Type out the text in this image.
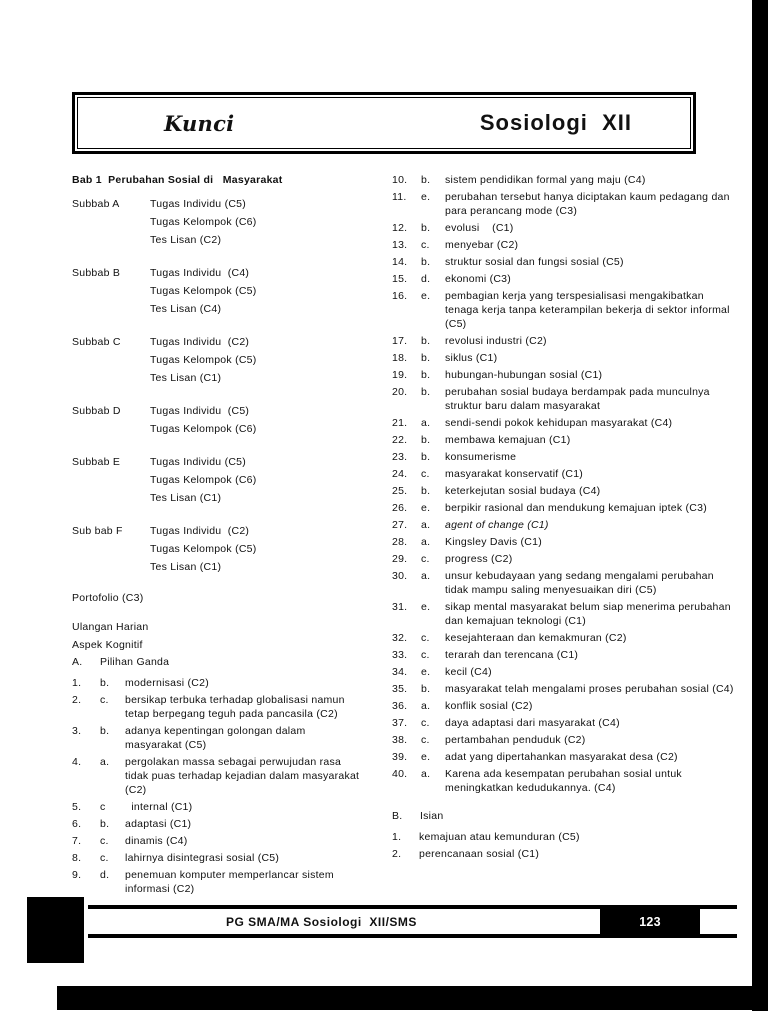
Kunci	Sosiologi  XII
Bab 1  Perubahan Sosial di   Masyarakat
Subbab A	Tugas Individu (C5)
Tugas Kelompok (C6)
Tes Lisan (C2)
Subbab B	Tugas Individu  (C4)
Tugas Kelompok (C5)
Tes Lisan (C4)
Subbab C	Tugas Individu  (C2)
Tugas Kelompok (C5)
Tes Lisan (C1)
Subbab D	Tugas Individu  (C5)
Tugas Kelompok (C6)
Subbab E	Tugas Individu (C5)
Tugas Kelompok (C6)
Tes Lisan (C1)
Sub bab F	Tugas Individu  (C2)
Tugas Kelompok (C5)
Tes Lisan (C1)
Portofolio (C3)
Ulangan Harian
Aspek Kognitif
A.	Pilihan Ganda
1.	b.	modernisasi (C2)
2.	c.	bersikap terbuka terhadap globalisasi namun tetap berpegang teguh pada pancasila (C2)
3.	b.	adanya kepentingan golongan dalam masyarakat (C5)
4.	a.	pergolakan massa sebagai perwujudan rasa tidak puas terhadap kejadian dalam masyarakat (C2)
5.	c	internal (C1)
6.	b.	adaptasi (C1)
7.	c.	dinamis (C4)
8.	c.	lahirnya disintegrasi sosial (C5)
9.	d.	penemuan komputer memperlancar sistem informasi (C2)
10.	b.	sistem pendidikan formal yang maju (C4)
11.	e.	perubahan tersebut hanya diciptakan kaum pedagang dan para perancang mode (C3)
12.	b.	evolusi    (C1)
13.	c.	menyebar (C2)
14.	b.	struktur sosial dan fungsi sosial (C5)
15.	d.	ekonomi (C3)
16.	e.	pembagian kerja yang terspesialisasi mengakibatkan tenaga kerja tanpa keterampilan bekerja di sektor informal (C5)
17.	b.	revolusi industri (C2)
18.	b.	siklus (C1)
19.	b.	hubungan-hubungan sosial (C1)
20.	b.	perubahan sosial budaya berdampak pada munculnya struktur baru dalam masyarakat
21.	a.	sendi-sendi pokok kehidupan masyarakat (C4)
22.	b.	membawa kemajuan (C1)
23.	b.	konsumerisme
24.	c.	masyarakat konservatif (C1)
25.	b.	keterkejutan sosial budaya (C4)
26.	e.	berpikir rasional dan mendukung kemajuan iptek (C3)
27.	a.	agent of change (C1)
28.	a.	Kingsley Davis (C1)
29.	c.	progress (C2)
30.	a.	unsur kebudayaan yang sedang mengalami perubahan tidak mampu saling menyesuaikan diri (C5)
31.	e.	sikap mental masyarakat belum siap menerima perubahan dan kemajuan teknologi (C1)
32.	c.	kesejahteraan dan kemakmuran (C2)
33.	c.	terarah dan terencana (C1)
34.	e.	kecil (C4)
35.	b.	masyarakat telah mengalami proses perubahan sosial (C4)
36.	a.	konflik sosial (C2)
37.	c.	daya adaptasi dari masyarakat (C4)
38.	c.	pertambahan penduduk (C2)
39.	e.	adat yang dipertahankan masyarakat desa (C2)
40.	a.	Karena ada kesempatan perubahan sosial untuk meningkatkan kedudukannya. (C4)
B.	Isian
1.	kemajuan atau kemunduran (C5)
2.	perencanaan sosial (C1)
PG SMA/MA Sosiologi  XII/SMS	123
